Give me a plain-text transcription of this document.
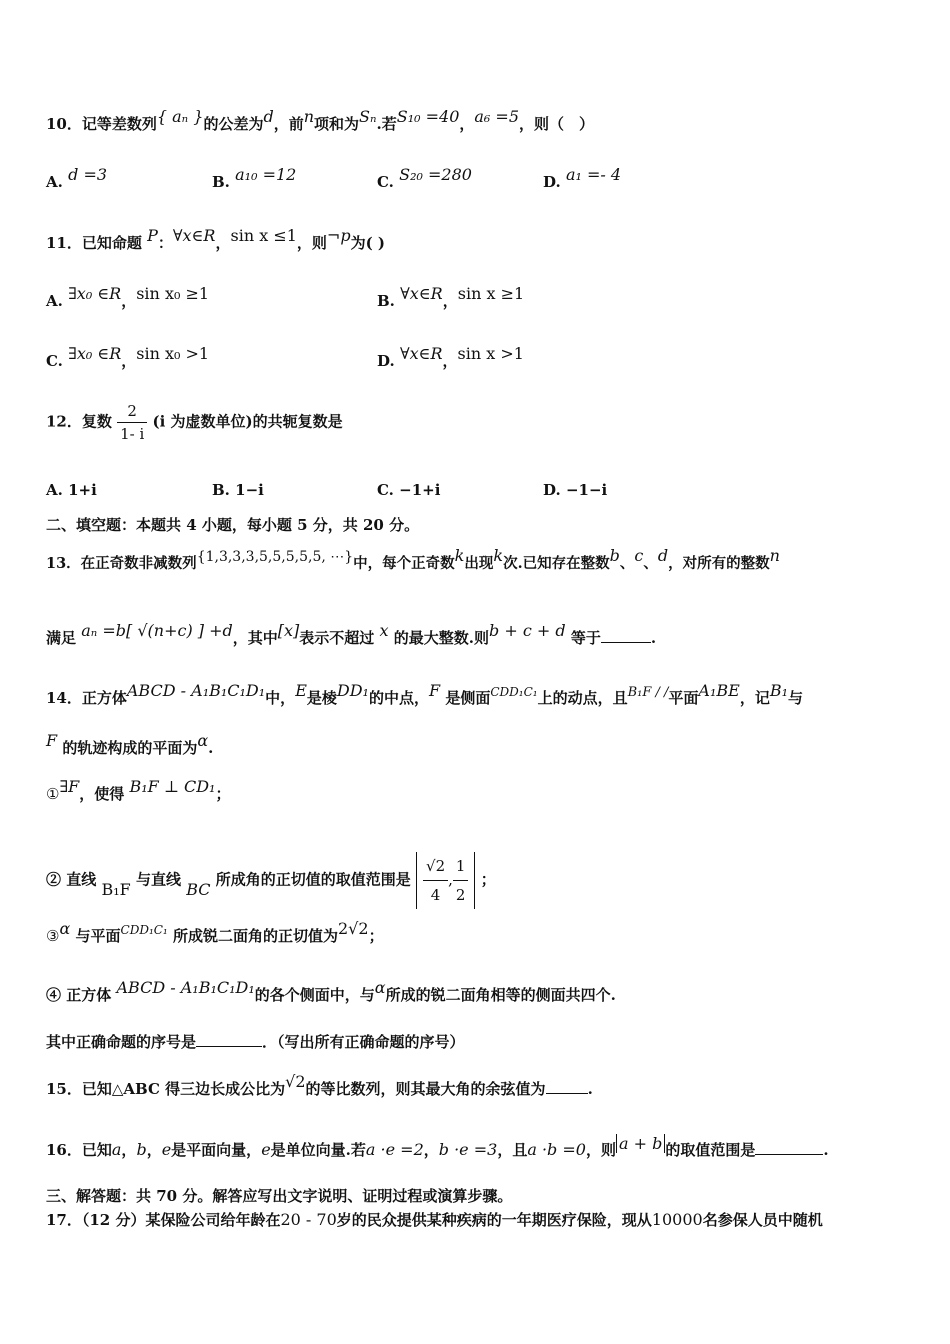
10．记等差数列{ aₙ }的公差为d，前n项和为Sₙ.若S₁₀ =40，a₆ =5，则（　）
A. d =3	B. a₁₀ =12	C. S₂₀ =280	D. a₁ =- 4
11．已知命题 P：∀x∈R，sin x ≤1，则¬p为( )
A. ∃x₀ ∈R，sin x₀ ≥1	B. ∀x∈R，sin x ≥1
C. ∃x₀ ∈R，sin x₀ >1	D. ∀x∈R，sin x >1
12．复数 $\frac{2}{1- i} (i$ 为虚数单位)的共轭复数是
A. 1+i	B. 1−i	C. −1+i	D. −1−i
二、填空题：本题共 4 小题，每小题 5 分，共 20 分。
13．在正奇数非减数列{1,3,3,3,5,5,5,5,5, ⋯}中，每个正奇数k出现k次.已知存在整数b、c、d，对所有的整数n
满足 aₙ =b[ √(n+c) ] +d，其中[x]表示不超过 x 的最大整数.则b + c + d 等于	.
14．正方体ABCD - A₁B₁C₁D₁中，E是棱DD₁的中点，F 是侧面$^{CDD_1C_1}$上的动点，且B₁F / /平面A₁BE，记B₁与
F 的轨迹构成的平面为α.
①∃F，使得 B₁F ⊥ CD₁；
② 直线 B₁F 与直线 BC 所成角的正切值的取值范围是 $\frac{√2}{4}$ , $\frac{1}{2}$ ；
③α 与平面$^{CDD_1C_1}$ 所成锐二面角的正切值为2√2；
④ 正方体 ABCD - A₁B₁C₁D₁的各个侧面中，与α所成的锐二面角相等的侧面共四个.
其中正确命题的序号是	．（写出所有正确命题的序号）
15．已知△ABC 得三边长成公比为√2的等比数列，则其最大角的余弦值为	.
16．已知a，b，e是平面向量，e是单位向量.若a ·e =2，b ·e =3，且a ·b =0，则 a + b 的取值范围是	.
三、解答题：共 70 分。解答应写出文字说明、证明过程或演算步骤。
17．（12 分）某保险公司给年龄在20 - 70岁的民众提供某种疾病的一年期医疗保险，现从10000名参保人员中随机
